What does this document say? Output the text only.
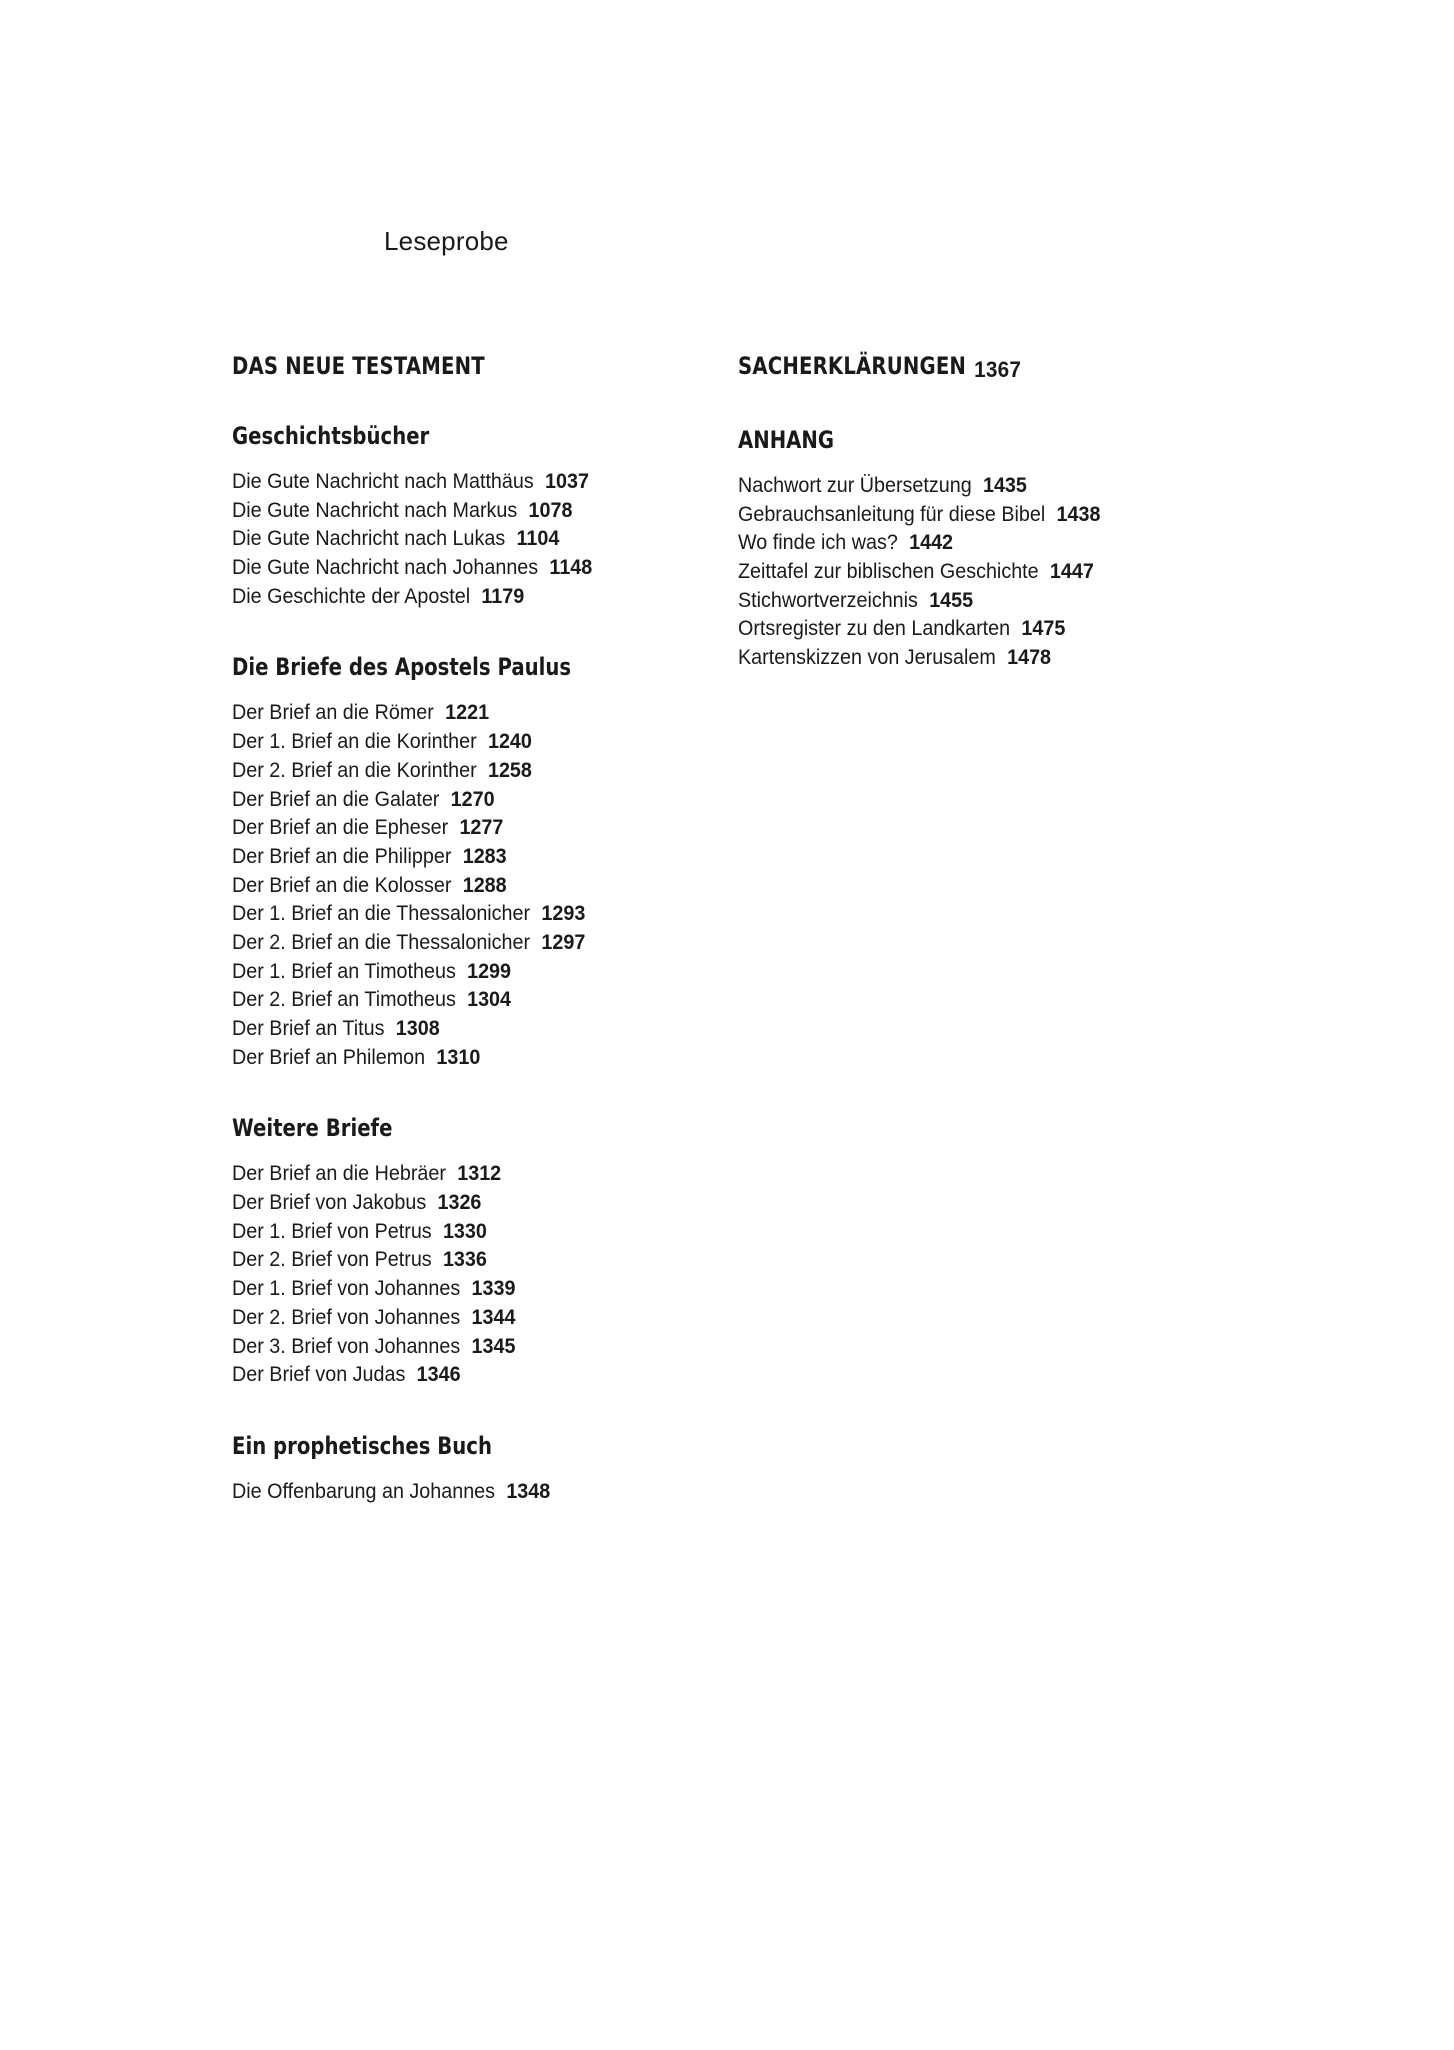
Leseprobe
DAS NEUE TESTAMENT
Geschichtsbücher
Die Gute Nachricht nach Matthäus 1037
Die Gute Nachricht nach Markus 1078
Die Gute Nachricht nach Lukas 1104
Die Gute Nachricht nach Johannes 1148
Die Geschichte der Apostel 1179
Die Briefe des Apostels Paulus
Der Brief an die Römer 1221
Der 1. Brief an die Korinther 1240
Der 2. Brief an die Korinther 1258
Der Brief an die Galater 1270
Der Brief an die Epheser 1277
Der Brief an die Philipper 1283
Der Brief an die Kolosser 1288
Der 1. Brief an die Thessalonicher 1293
Der 2. Brief an die Thessalonicher 1297
Der 1. Brief an Timotheus 1299
Der 2. Brief an Timotheus 1304
Der Brief an Titus 1308
Der Brief an Philemon 1310
Weitere Briefe
Der Brief an die Hebräer 1312
Der Brief von Jakobus 1326
Der 1. Brief von Petrus 1330
Der 2. Brief von Petrus 1336
Der 1. Brief von Johannes 1339
Der 2. Brief von Johannes 1344
Der 3. Brief von Johannes 1345
Der Brief von Judas 1346
Ein prophetisches Buch
Die Offenbarung an Johannes 1348
SACHERKLÄRUNGEN 1367
ANHANG
Nachwort zur Übersetzung 1435
Gebrauchsanleitung für diese Bibel 1438
Wo finde ich was? 1442
Zeittafel zur biblischen Geschichte 1447
Stichwortverzeichnis 1455
Ortsregister zu den Landkarten 1475
Kartenskizzen von Jerusalem 1478
